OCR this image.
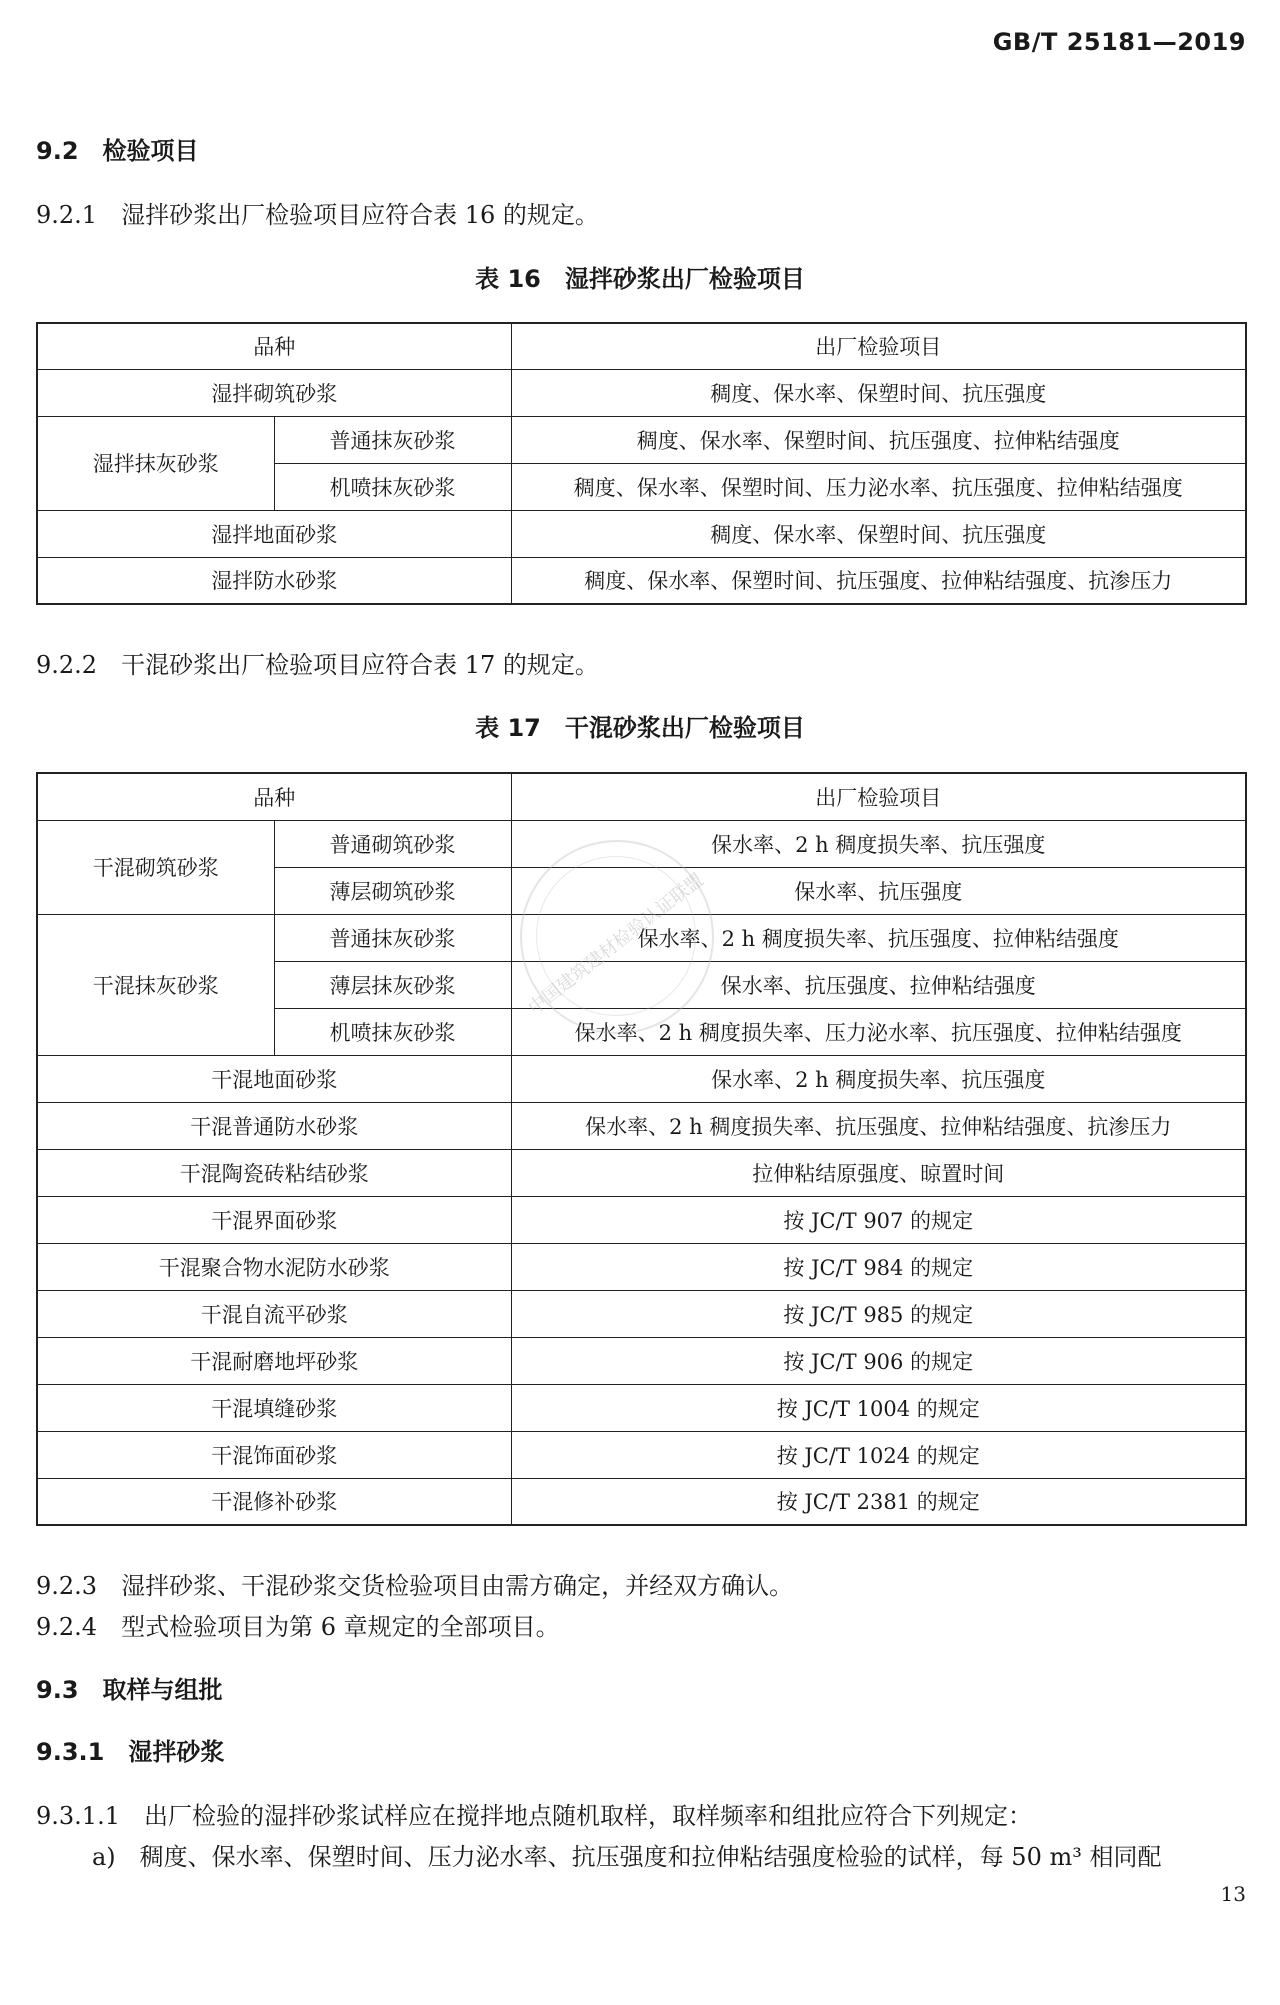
GB/T 25181—2019
9.2　 检验项目
9.2.1　 湿拌砂浆出厂检验项目应符合表 16 的规定。
表 16　湿拌砂浆出厂检验项目
品种		出厂检验项目
湿拌砌筑砂浆		稠度、保水率、保塑时间、抗压强度
湿拌抹灰砂浆	普通抹灰砂浆	稠度、保水率、保塑时间、抗压强度、拉伸粘结强度
	机喷抹灰砂浆	稠度、保水率、保塑时间、压力泌水率、抗压强度、拉伸粘结强度
湿拌地面砂浆		稠度、保水率、保塑时间、抗压强度
湿拌防水砂浆		稠度、保水率、保塑时间、抗压强度、拉伸粘结强度、抗渗压力
9.2.2　 干混砂浆出厂检验项目应符合表 17 的规定。
表 17　干混砂浆出厂检验项目
品种		出厂检验项目
干混砌筑砂浆	普通砌筑砂浆	保水率、2 h 稠度损失率、抗压强度
	薄层砌筑砂浆	保水率、抗压强度
干混抹灰砂浆	普通抹灰砂浆	保水率、2 h 稠度损失率、抗压强度、拉伸粘结强度
	薄层抹灰砂浆	保水率、抗压强度、拉伸粘结强度
	机喷抹灰砂浆	保水率、2 h 稠度损失率、压力泌水率、抗压强度、拉伸粘结强度
干混地面砂浆		保水率、2 h 稠度损失率、抗压强度
干混普通防水砂浆		保水率、2 h 稠度损失率、抗压强度、拉伸粘结强度、抗渗压力
干混陶瓷砖粘结砂浆		拉伸粘结原强度、晾置时间
干混界面砂浆		按 JC/T 907 的规定
干混聚合物水泥防水砂浆		按 JC/T 984 的规定
干混自流平砂浆		按 JC/T 985 的规定
干混耐磨地坪砂浆		按 JC/T 906 的规定
干混填缝砂浆		按 JC/T 1004 的规定
干混饰面砂浆		按 JC/T 1024 的规定
干混修补砂浆		按 JC/T 2381 的规定
中国建筑建材检验认证联盟
9.2.3　 湿拌砂浆、干混砂浆交货检验项目由需方确定，并经双方确认。
9.2.4　 型式检验项目为第 6 章规定的全部项目。
9.3　 取样与组批
9.3.1　 湿拌砂浆
9.3.1.1　 出厂检验的湿拌砂浆试样应在搅拌地点随机取样，取样频率和组批应符合下列规定：
a)　 稠度、保水率、保塑时间、压力泌水率、抗压强度和拉伸粘结强度检验的试样，每 50 m³ 相同配
13
